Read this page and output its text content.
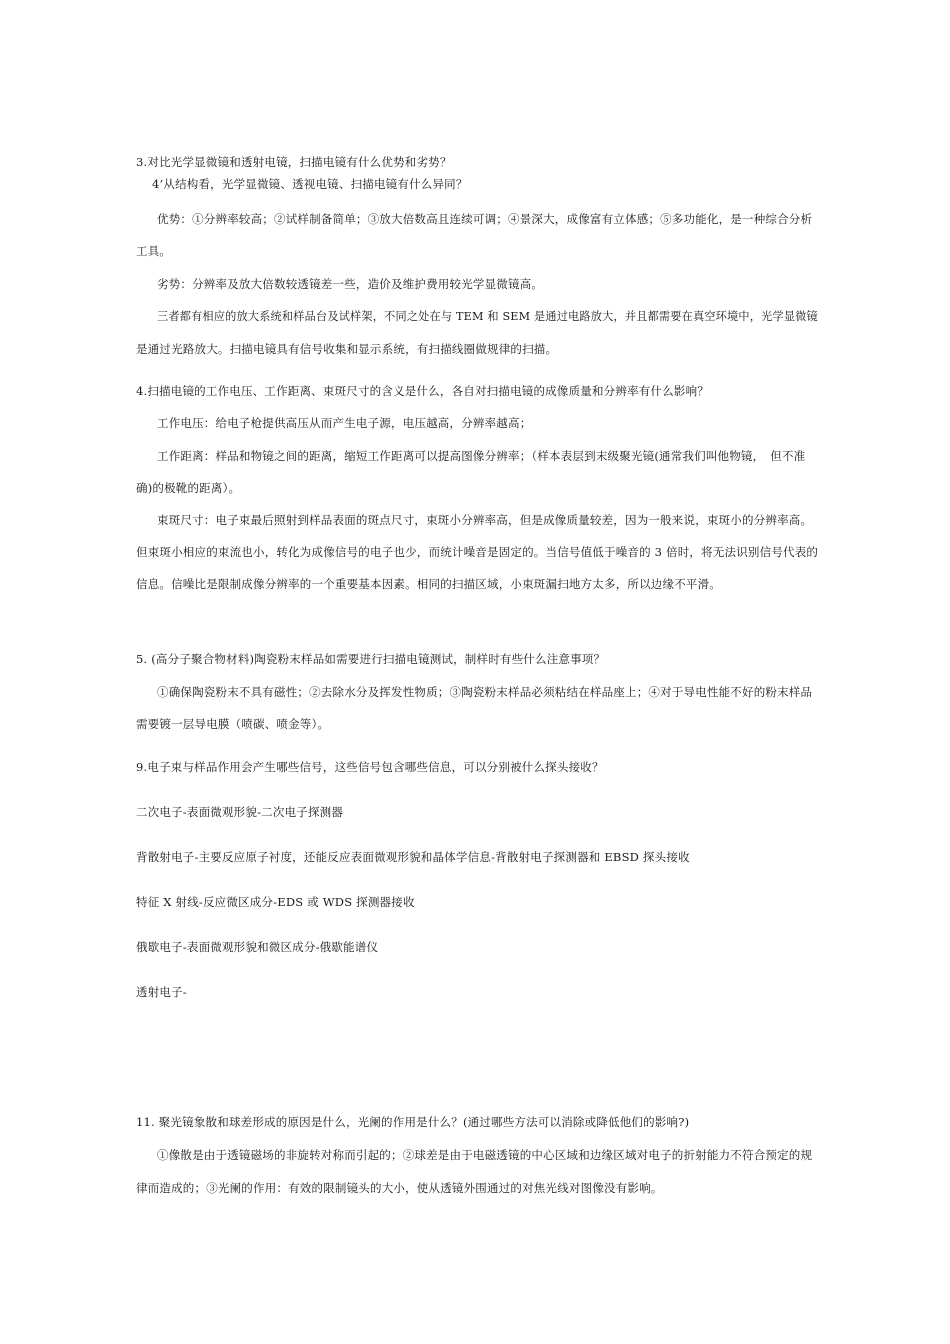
3.对比光学显微镜和透射电镜，扫描电镜有什么优势和劣势？
4’从结构看，光学显微镜、透视电镜、扫描电镜有什么异同？
优势：①分辨率较高；②试样制备简单；③放大倍数高且连续可调；④景深大，成像富有立体感；⑤多功能化，是一种综合分析
工具。
劣势：分辨率及放大倍数较透镜差一些，造价及维护费用较光学显微镜高。
三者都有相应的放大系统和样品台及试样架，不同之处在与 TEM 和 SEM 是通过电路放大，并且都需要在真空环境中，光学显微镜
是通过光路放大。扫描电镜具有信号收集和显示系统，有扫描线圈做规律的扫描。
4.扫描电镜的工作电压、工作距离、束斑尺寸的含义是什么，各自对扫描电镜的成像质量和分辨率有什么影响？
工作电压：给电子枪提供高压从而产生电子源，电压越高，分辨率越高；
工作距离：样品和物镜之间的距离，缩短工作距离可以提高图像分辨率；（样本表层到末级聚光镜(通常我们叫他物镜，　但不准
确)的极靴的距离）。
束斑尺寸：电子束最后照射到样品表面的斑点尺寸，束斑小分辨率高，但是成像质量较差，因为一般来说，束斑小的分辨率高。
但束斑小相应的束流也小，转化为成像信号的电子也少，而统计噪音是固定的。当信号值低于噪音的 3 倍时，将无法识别信号代表的
信息。信噪比是限制成像分辨率的一个重要基本因素。相同的扫描区域，小束斑漏扫地方太多，所以边缘不平滑。
5. (高分子聚合物材料)陶瓷粉末样品如需要进行扫描电镜测试，制样时有些什么注意事项？
①确保陶瓷粉末不具有磁性；②去除水分及挥发性物质；③陶瓷粉末样品必须粘结在样品座上；④对于导电性能不好的粉末样品
需要镀一层导电膜（喷碳、喷金等）。
9.电子束与样品作用会产生哪些信号，这些信号包含哪些信息，可以分别被什么探头接收？
二次电子-表面微观形貌-二次电子探测器
背散射电子-主要反应原子衬度，还能反应表面微观形貌和晶体学信息-背散射电子探测器和 EBSD 探头接收
特征 X 射线-反应微区成分-EDS 或 WDS 探测器接收
俄歇电子-表面微观形貌和微区成分-俄歇能谱仪
透射电子-
11. 聚光镜象散和球差形成的原因是什么，光阑的作用是什么？(通过哪些方法可以消除或降低他们的影响?)
①像散是由于透镜磁场的非旋转对称而引起的；②球差是由于电磁透镜的中心区域和边缘区域对电子的折射能力不符合预定的规
律而造成的；③光阑的作用：有效的限制镜头的大小，使从透镜外围通过的对焦光线对图像没有影响。
